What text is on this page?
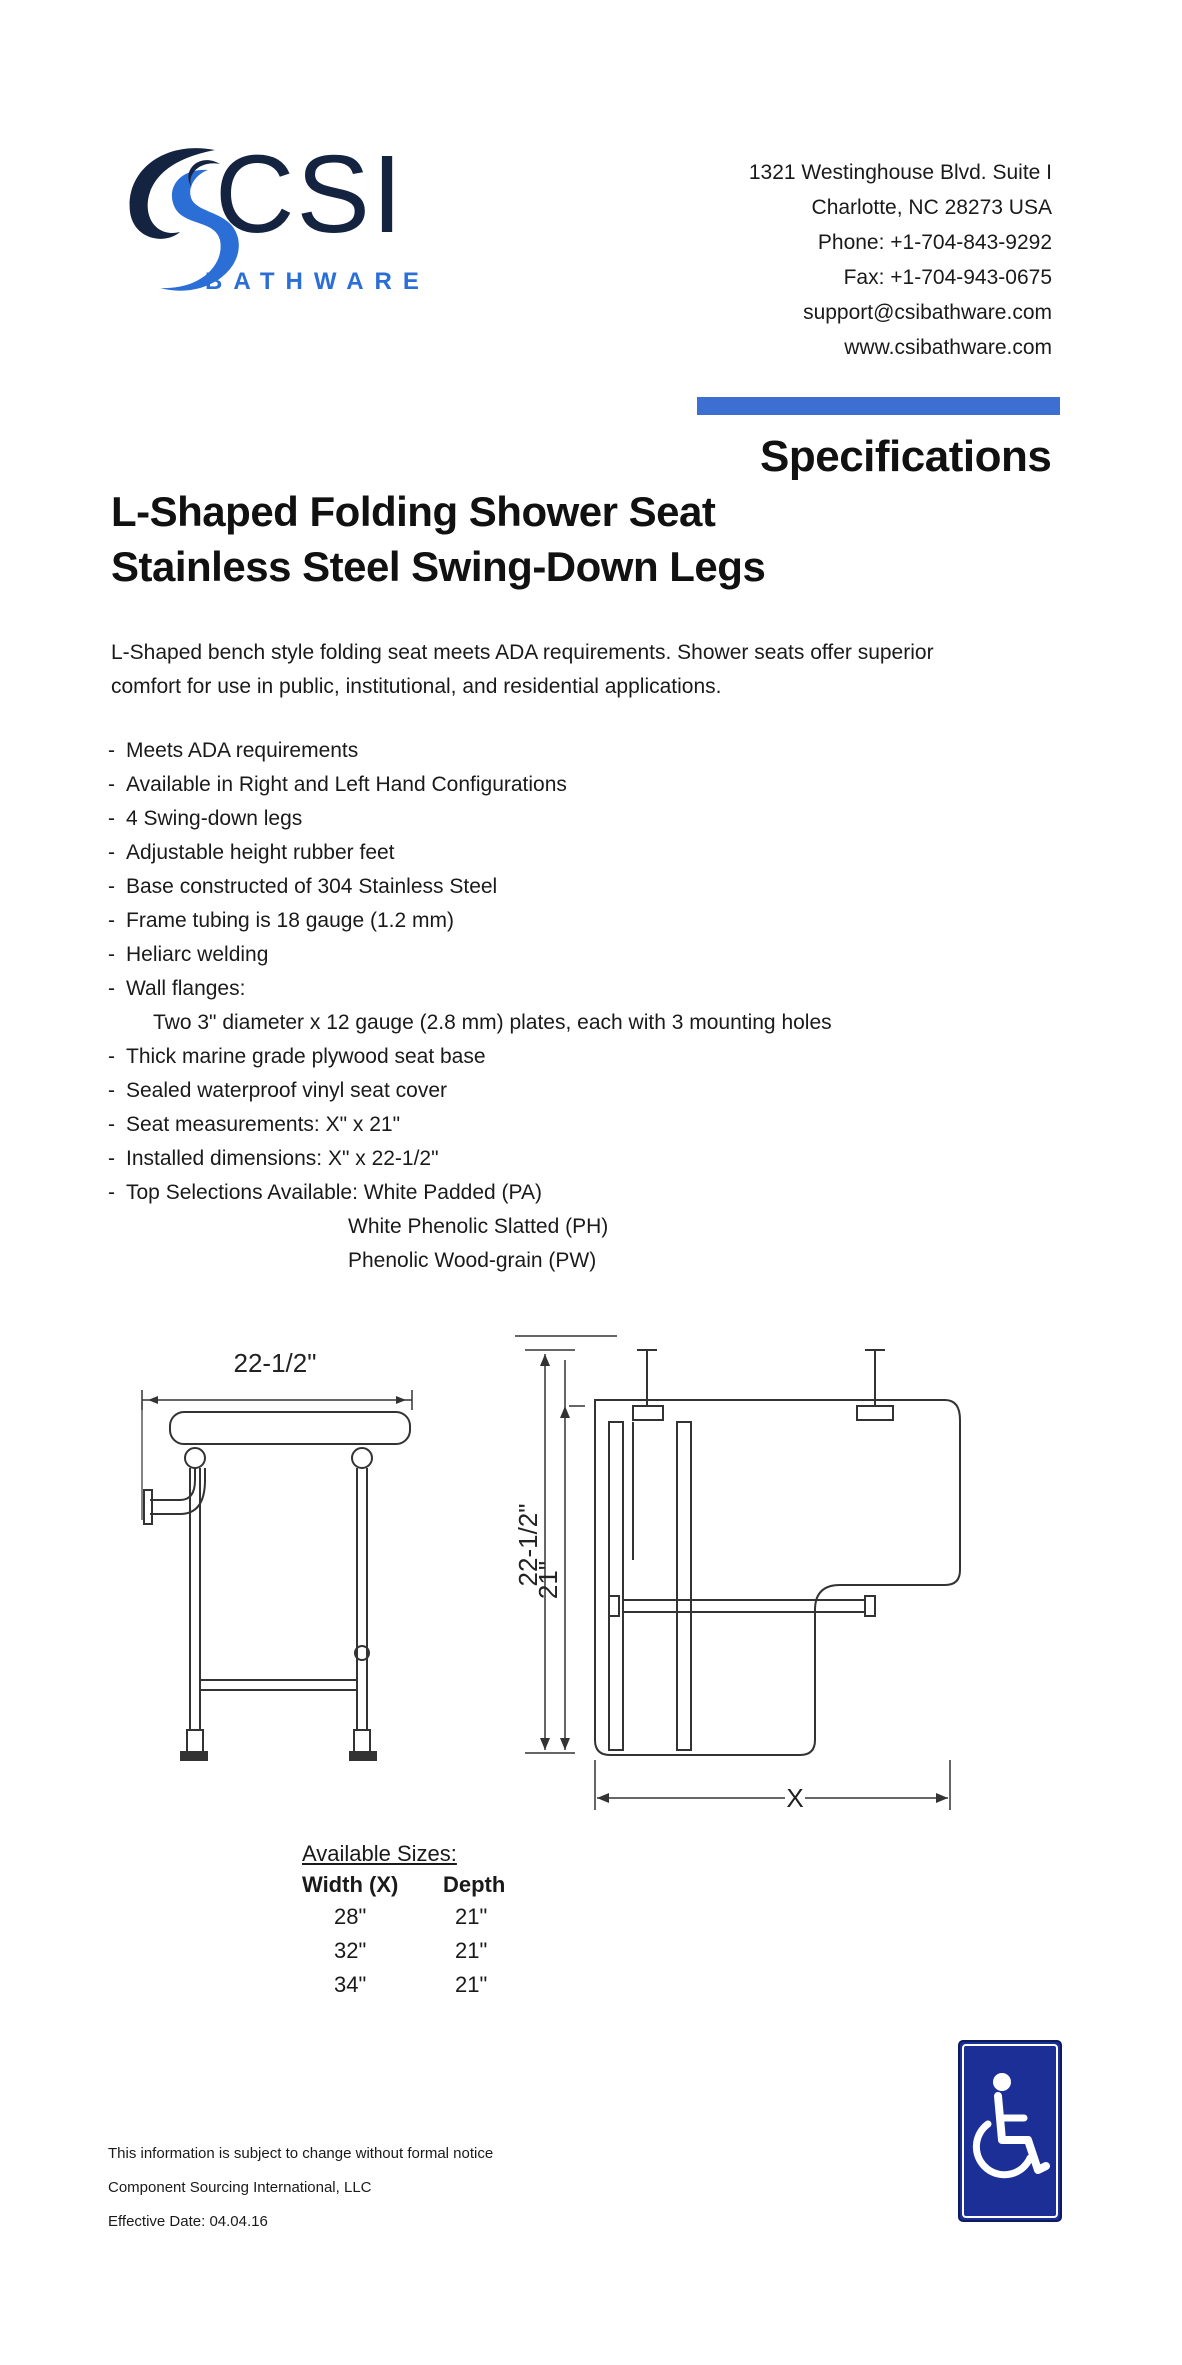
CSI
BATHWARE
1321 Westinghouse Blvd. Suite I
Charlotte, NC 28273 USA
Phone: +1-704-843-9292
Fax: +1-704-943-0675
support@csibathware.com
www.csibathware.com
Specifications
L-Shaped Folding Shower Seat
Stainless Steel Swing-Down Legs
L-Shaped bench style folding seat meets ADA requirements. Shower seats offer superior comfort for use in public, institutional, and residential applications.
- Meets ADA requirements
- Available in Right and Left Hand Configurations
- 4 Swing-down legs
- Adjustable height rubber feet
- Base constructed of 304 Stainless Steel
- Frame tubing is 18 gauge (1.2 mm)
- Heliarc welding
- Wall flanges:
Two 3" diameter x 12 gauge (2.8 mm) plates, each with 3 mounting holes
- Thick marine grade plywood seat base
- Sealed waterproof vinyl seat cover
- Seat measurements: X" x 21"
- Installed dimensions: X" x 22-1/2"
- Top Selections Available: White Padded (PA)
White Phenolic Slatted (PH)
Phenolic Wood-grain (PW)
22-1/2"
22-1/2"
21"
X
Available Sizes:
Width (X)	Depth
28"	21"
32"	21"
34"	21"
This information is subject to change without formal notice
Component Sourcing International, LLC
Effective Date: 04.04.16
